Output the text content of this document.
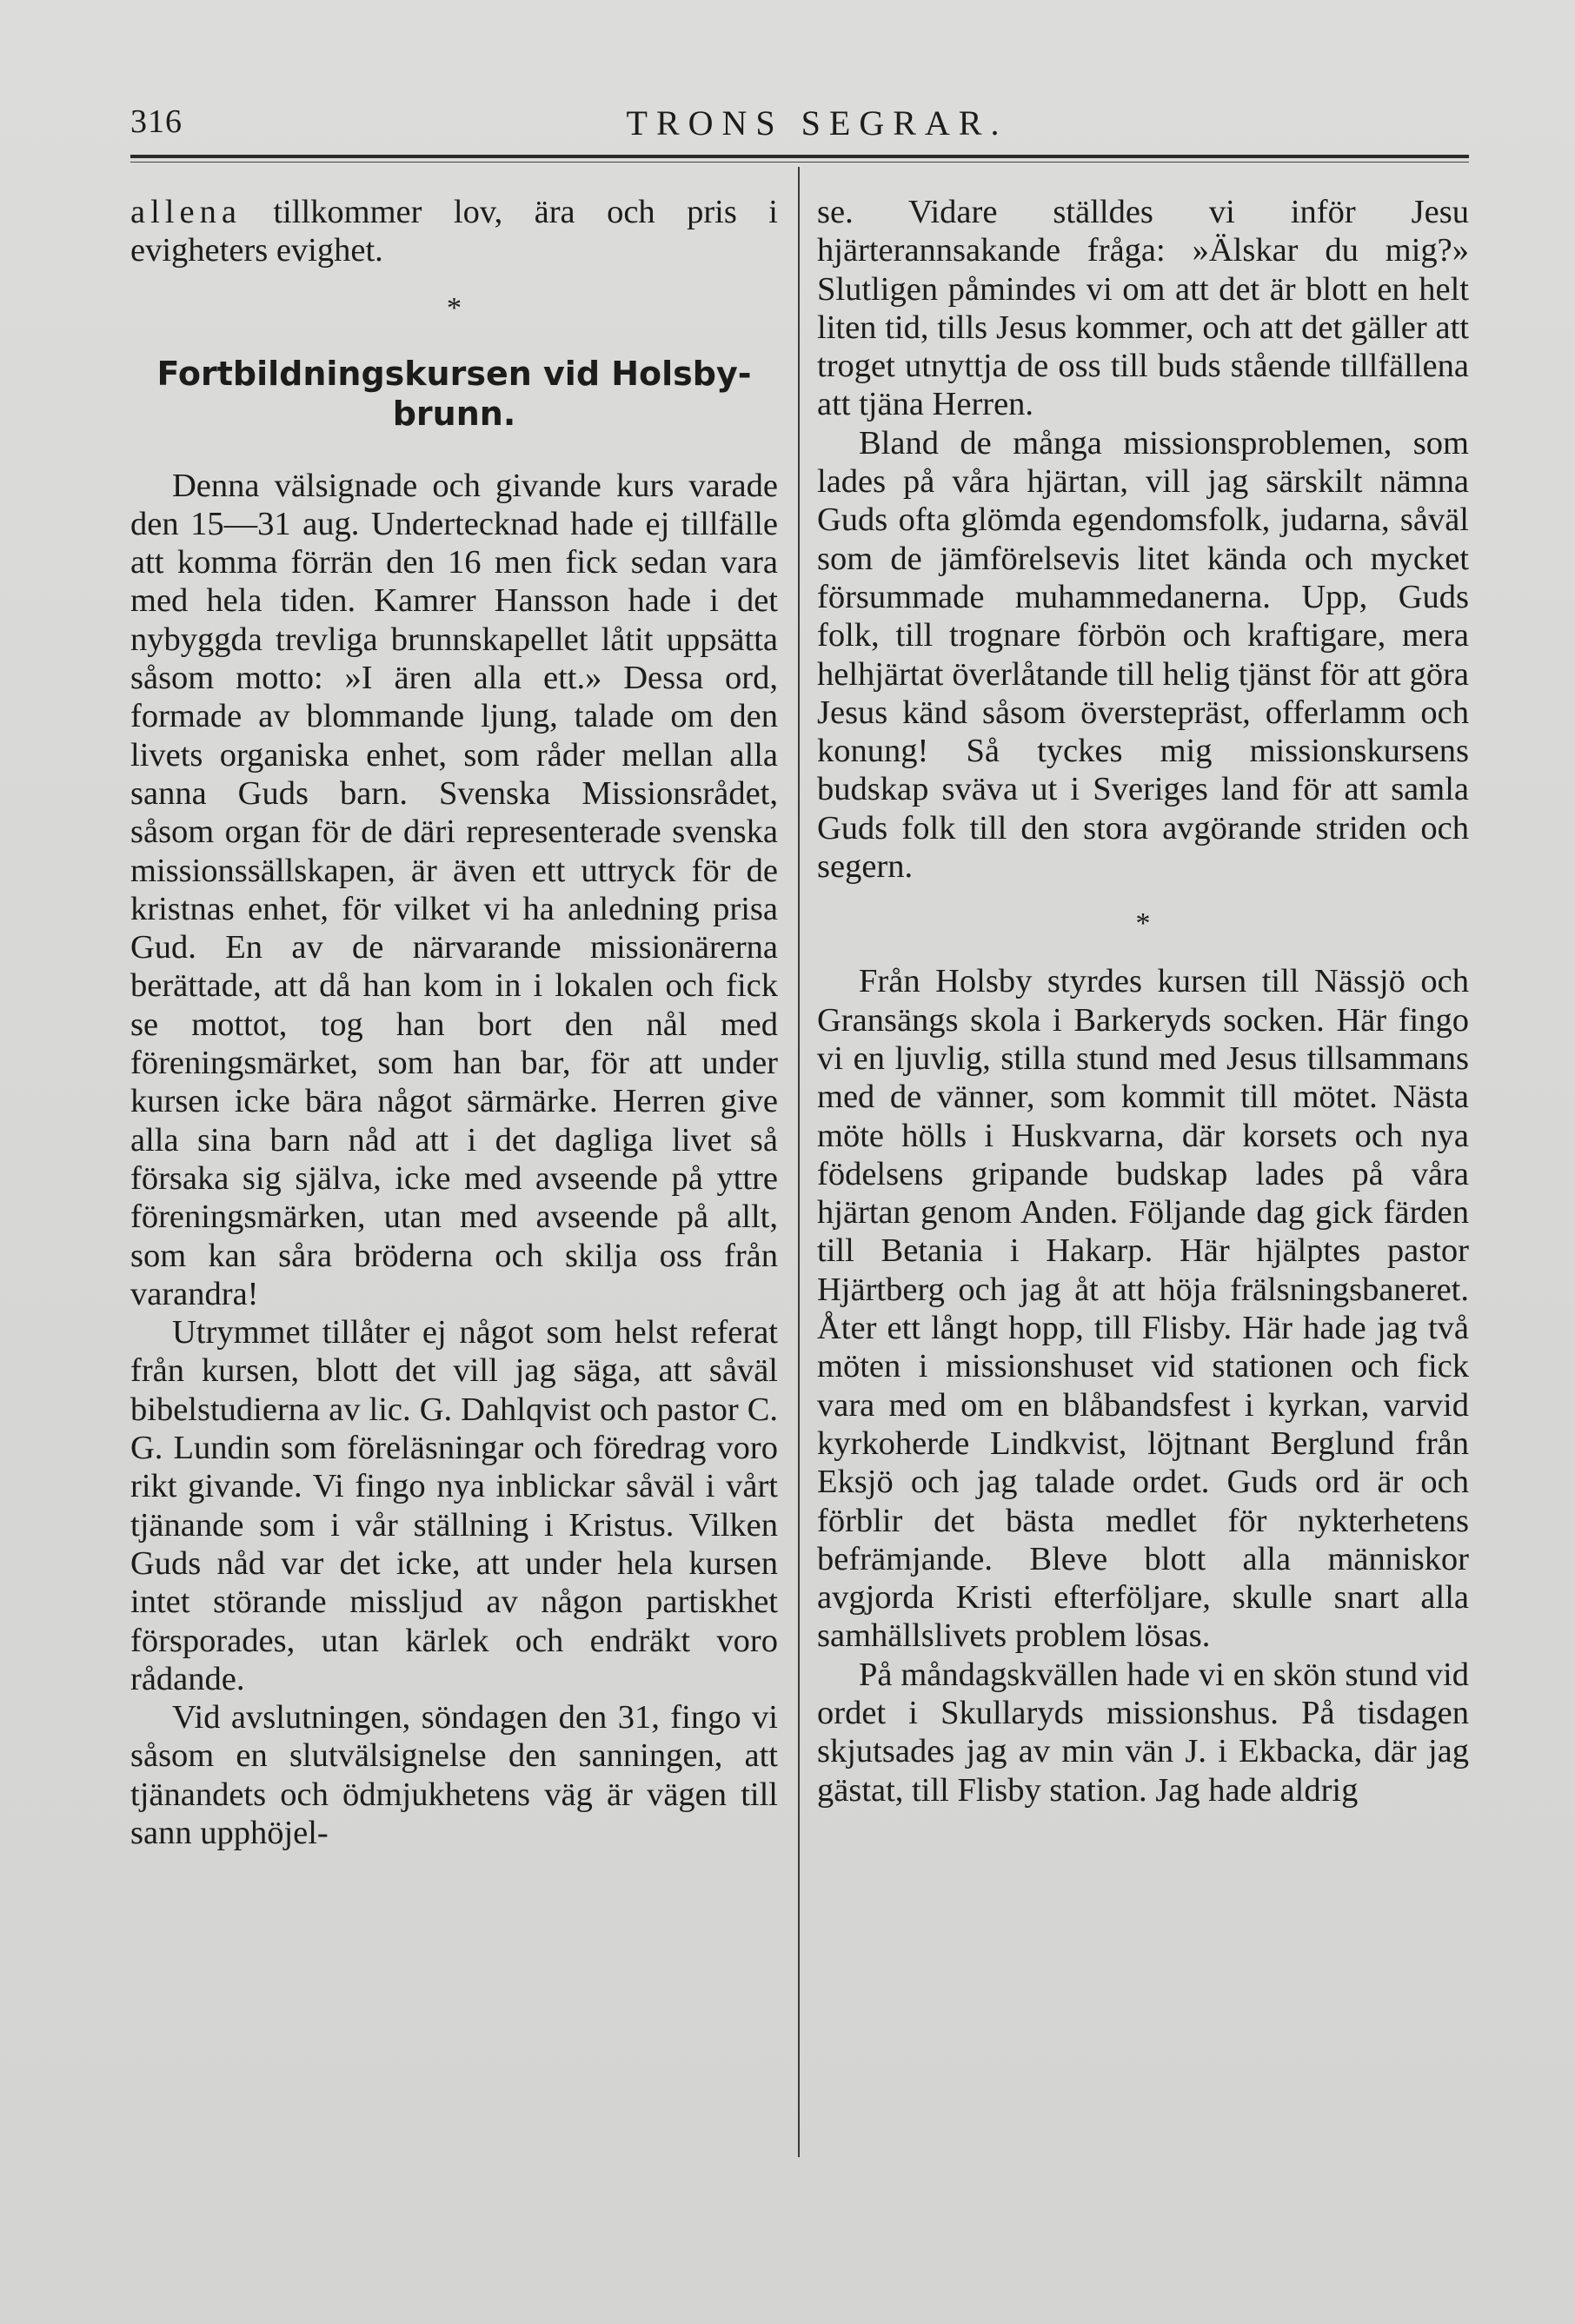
316	TRONS SEGRAR.

allena tillkommer lov, ära och pris i evigheters evighet.

*

Fortbildningskursen vid Holsby-brunn.

Denna välsignade och givande kurs varade den 15—31 aug. Undertecknad hade ej tillfälle att komma förrän den 16 men fick sedan vara med hela tiden. Kamrer Hansson hade i det nybyggda trevliga brunnskapellet låtit uppsätta såsom motto: »I ären alla ett.» Dessa ord, formade av blommande ljung, talade om den livets organiska enhet, som råder mellan alla sanna Guds barn. Svenska Missionsrådet, såsom organ för de däri representerade svenska missionssällskapen, är även ett uttryck för de kristnas enhet, för vilket vi ha anledning prisa Gud. En av de närvarande missionärerna berättade, att då han kom in i lokalen och fick se mottot, tog han bort den nål med föreningsmärket, som han bar, för att under kursen icke bära något särmärke. Herren give alla sina barn nåd att i det dagliga livet så försaka sig själva, icke med avseende på yttre föreningsmärken, utan med avseende på allt, som kan såra bröderna och skilja oss från varandra!

Utrymmet tillåter ej något som helst referat från kursen, blott det vill jag säga, att såväl bibelstudierna av lic. G. Dahlqvist och pastor C. G. Lundin som föreläsningar och föredrag voro rikt givande. Vi fingo nya inblickar såväl i vårt tjänande som i vår ställning i Kristus. Vilken Guds nåd var det icke, att under hela kursen intet störande missljud av någon partiskhet försporades, utan kärlek och endräkt voro rådande.

Vid avslutningen, söndagen den 31, fingo vi såsom en slutvälsignelse den sanningen, att tjänandets och ödmjukhetens väg är vägen till sann upphöjel-

se. Vidare ställdes vi inför Jesu hjärterannsakande fråga: »Älskar du mig?» Slutligen påmindes vi om att det är blott en helt liten tid, tills Jesus kommer, och att det gäller att troget utnyttja de oss till buds stående tillfällena att tjäna Herren.

Bland de många missionsproblemen, som lades på våra hjärtan, vill jag särskilt nämna Guds ofta glömda egendomsfolk, judarna, såväl som de jämförelsevis litet kända och mycket försummade muhammedanerna. Upp, Guds folk, till trognare förbön och kraftigare, mera helhjärtat överlåtande till helig tjänst för att göra Jesus känd såsom överstepräst, offerlamm och konung! Så tyckes mig missionskursens budskap sväva ut i Sveriges land för att samla Guds folk till den stora avgörande striden och segern.

*

Från Holsby styrdes kursen till Nässjö och Gransängs skola i Barkeryds socken. Här fingo vi en ljuvlig, stilla stund med Jesus tillsammans med de vänner, som kommit till mötet. Nästa möte hölls i Huskvarna, där korsets och nya födelsens gripande budskap lades på våra hjärtan genom Anden. Följande dag gick färden till Betania i Hakarp. Här hjälptes pastor Hjärtberg och jag åt att höja frälsningsbaneret. Åter ett långt hopp, till Flisby. Här hade jag två möten i missionshuset vid stationen och fick vara med om en blåbandsfest i kyrkan, varvid kyrkoherde Lindkvist, löjtnant Berglund från Eksjö och jag talade ordet. Guds ord är och förblir det bästa medlet för nykterhetens befrämjande. Bleve blott alla människor avgjorda Kristi efterföljare, skulle snart alla samhällslivets problem lösas.

På måndagskvällen hade vi en skön stund vid ordet i Skullaryds missionshus. På tisdagen skjutsades jag av min vän J. i Ekbacka, där jag gästat, till Flisby station. Jag hade aldrig
